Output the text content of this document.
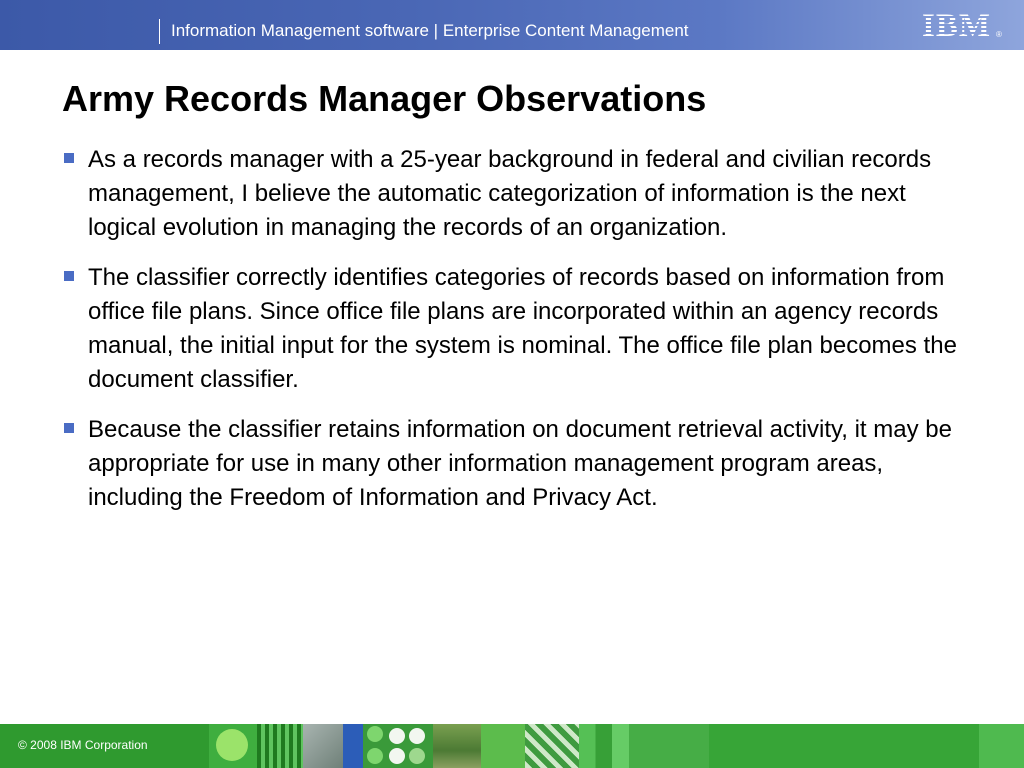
Information Management software | Enterprise Content Management	IBM ®
Army Records Manager Observations
As a records manager with a 25-year background in federal and civilian records management, I believe the automatic categorization of information is the next logical evolution in managing the records of an organization.
The classifier correctly identifies categories of records based on information from office file plans. Since office file plans are incorporated within an agency records manual, the initial input for the system is nominal. The office file plan becomes the document classifier.
Because the classifier retains information on document retrieval activity, it may be appropriate for use in many other information management program areas, including the Freedom of Information and Privacy Act.
© 2008 IBM Corporation
